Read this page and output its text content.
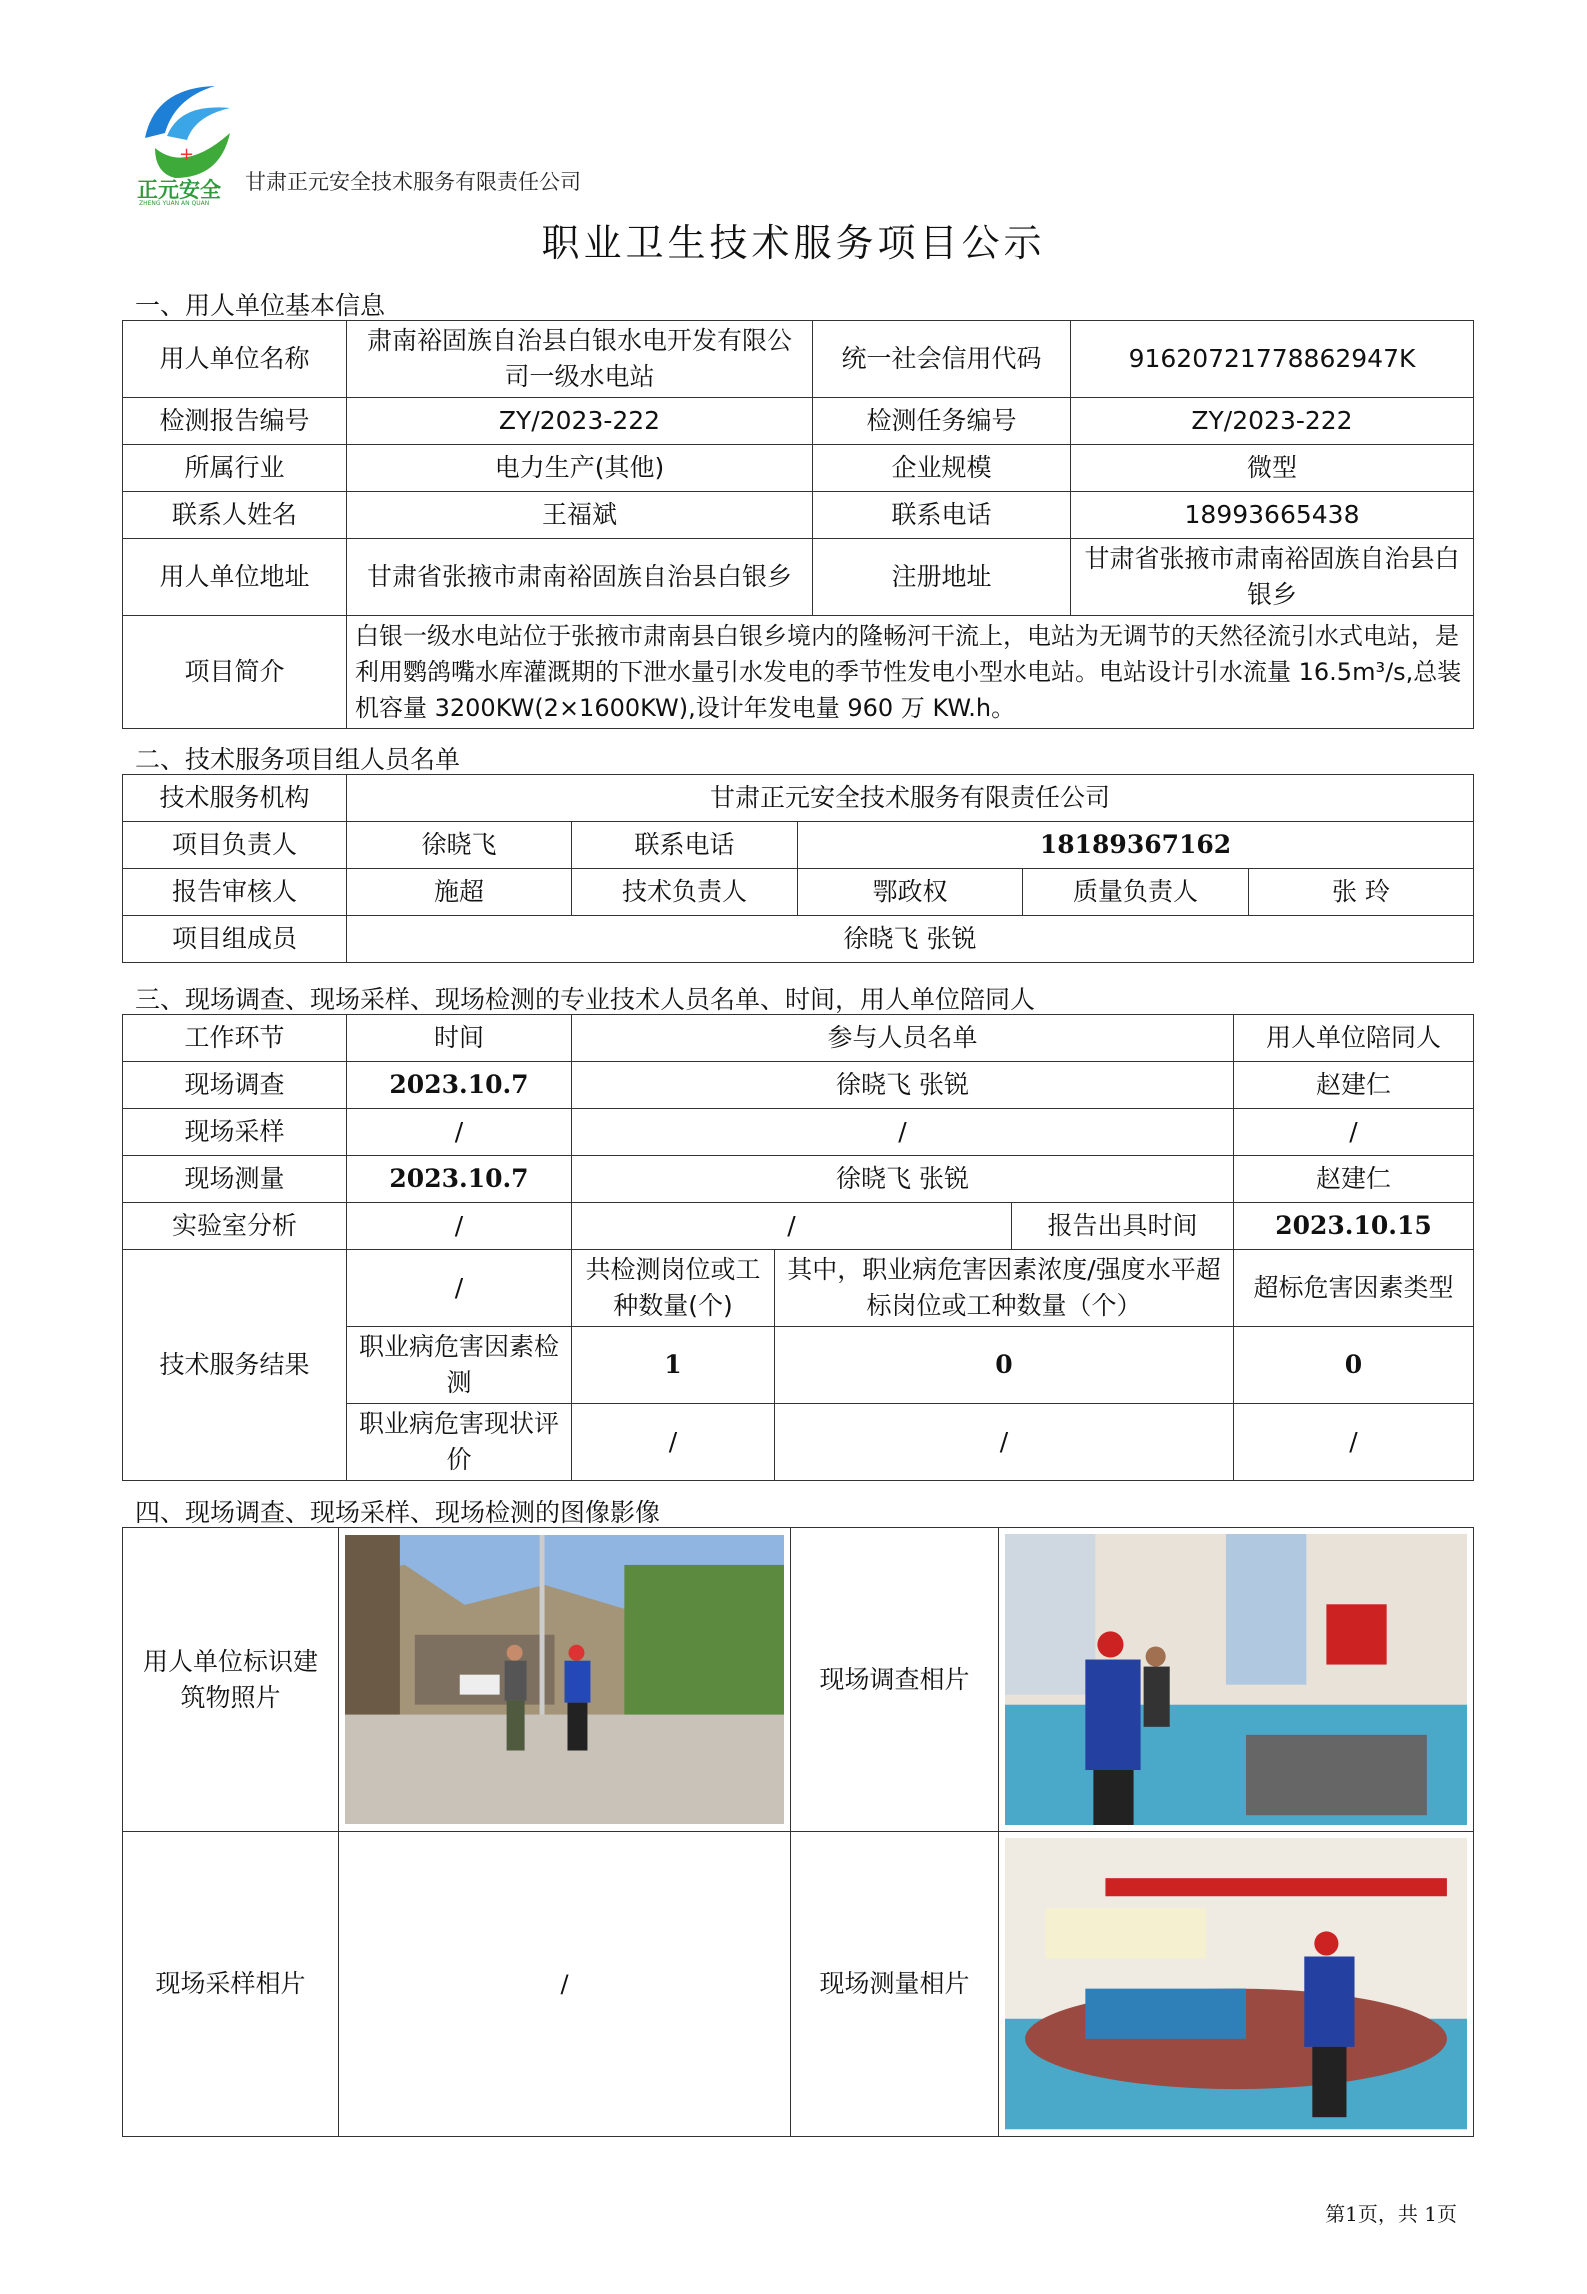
+
正元安全
ZHENG YUAN AN QUAN
甘肃正元安全技术服务有限责任公司
职业卫生技术服务项目公示
一、用人单位基本信息
用人单位名称	肃南裕固族自治县白银水电开发有限公司一级水电站	统一社会信用代码	91620721778862947K
检测报告编号	ZY/2023-222	检测任务编号	ZY/2023-222
所属行业	电力生产(其他)	企业规模	微型
联系人姓名	王福斌	联系电话	18993665438
用人单位地址	甘肃省张掖市肃南裕固族自治县白银乡	注册地址	甘肃省张掖市肃南裕固族自治县白银乡
项目简介	白银一级水电站位于张掖市肃南县白银乡境内的隆畅河干流上，电站为无调节的天然径流引水式电站，是利用鹦鸽嘴水库灌溉期的下泄水量引水发电的季节性发电小型水电站。电站设计引水流量 16.5m³/s,总装机容量 3200KW(2×1600KW),设计年发电量 960 万 KW.h。		
二、技术服务项目组人员名单
技术服务机构	甘肃正元安全技术服务有限责任公司				
项目负责人	徐晓飞	联系电话	18189367162		
报告审核人	施超	技术负责人	鄂政权	质量负责人	张 玲
项目组成员	徐晓飞 张锐				
三、现场调查、现场采样、现场检测的专业技术人员名单、时间，用人单位陪同人
工作环节	时间	参与人员名单			用人单位陪同人
现场调查	2023.10.7	徐晓飞 张锐			赵建仁
现场采样	/	/			/
现场测量	2023.10.7	徐晓飞 张锐			赵建仁
实验室分析	/	/		报告出具时间	2023.10.15
技术服务结果	/	共检测岗位或工种数量(个)	其中，职业病危害因素浓度/强度水平超标岗位或工种数量（个）		超标危害因素类型
	职业病危害因素检测	1	0		0
	职业病危害现状评价	/	/		/
四、现场调查、现场采样、现场检测的图像影像
用人单位标识建筑物照片		现场调查相片	

现场采样相片	/	现场测量相片	
第1页，共 1页
